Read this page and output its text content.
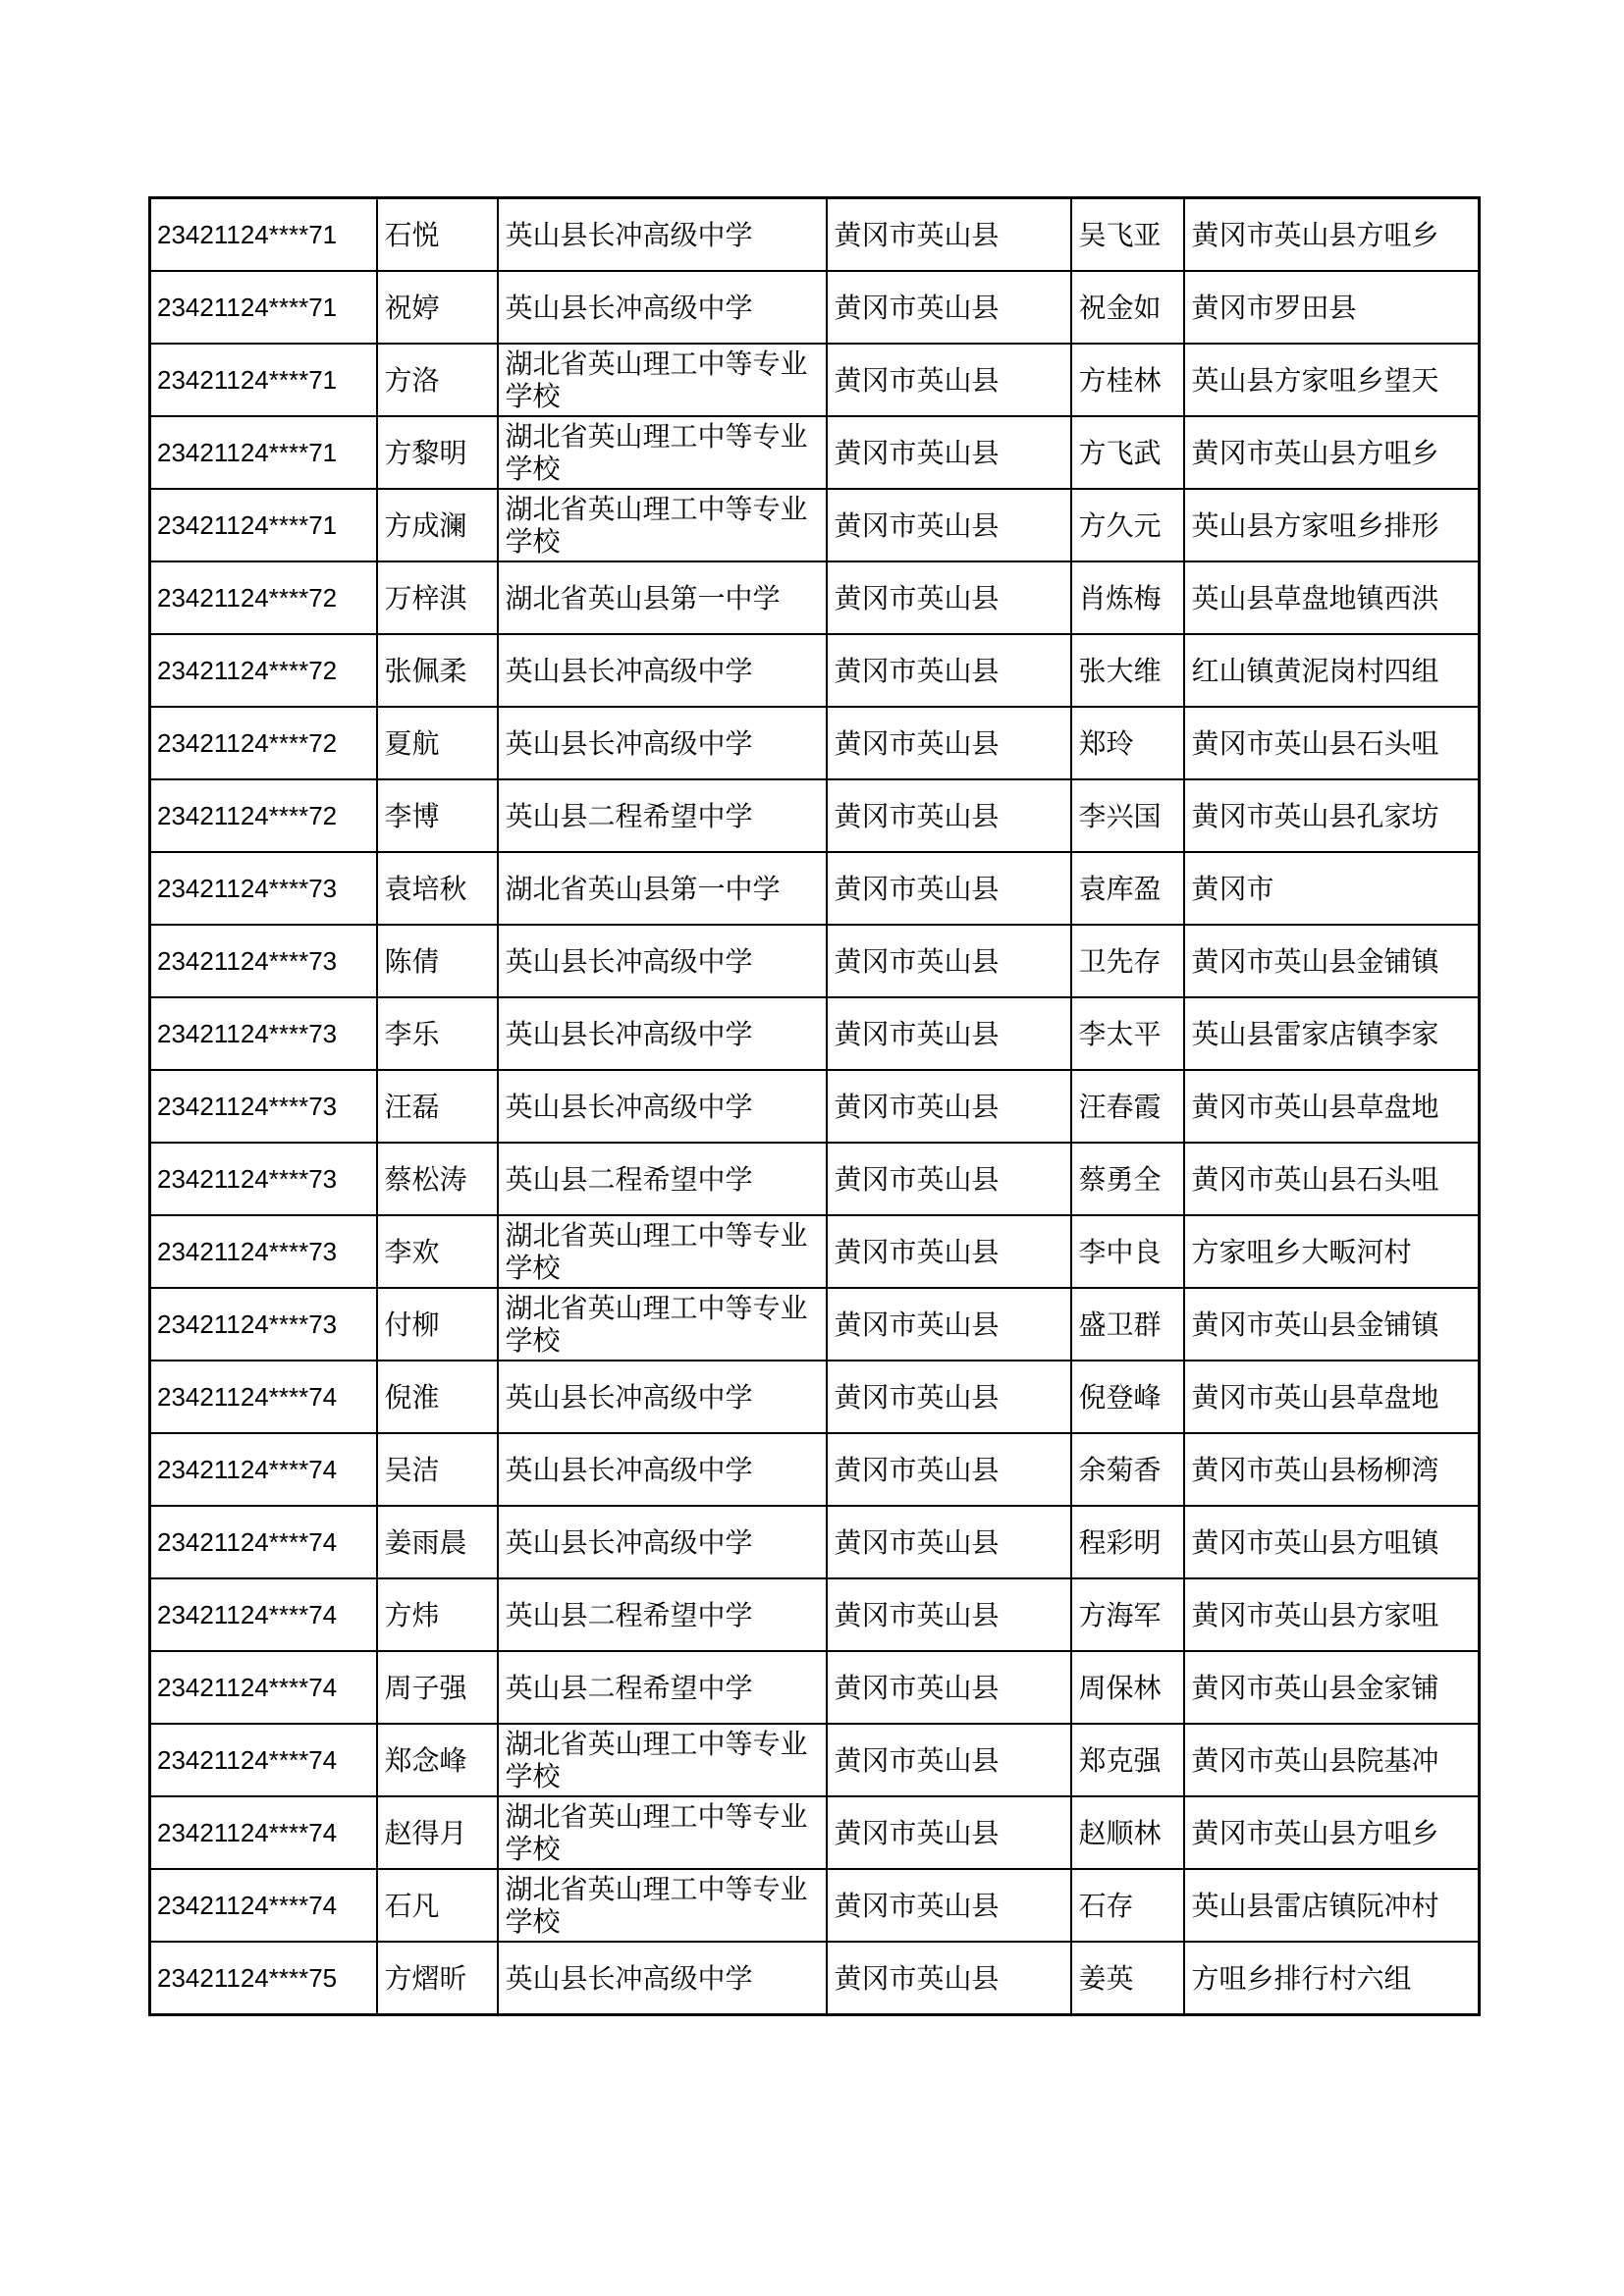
23421124****71	石悦	英山县长冲高级中学	黄冈市英山县	吴飞亚	黄冈市英山县方咀乡
23421124****71	祝婷	英山县长冲高级中学	黄冈市英山县	祝金如	黄冈市罗田县
23421124****71	方洛	湖北省英山理工中等专业学校	黄冈市英山县	方桂林	英山县方家咀乡望天
23421124****71	方黎明	湖北省英山理工中等专业学校	黄冈市英山县	方飞武	黄冈市英山县方咀乡
23421124****71	方成澜	湖北省英山理工中等专业学校	黄冈市英山县	方久元	英山县方家咀乡排形
23421124****72	万梓淇	湖北省英山县第一中学	黄冈市英山县	肖炼梅	英山县草盘地镇西洪
23421124****72	张佩柔	英山县长冲高级中学	黄冈市英山县	张大维	红山镇黄泥岗村四组
23421124****72	夏航	英山县长冲高级中学	黄冈市英山县	郑玲	黄冈市英山县石头咀
23421124****72	李博	英山县二程希望中学	黄冈市英山县	李兴国	黄冈市英山县孔家坊
23421124****73	袁培秋	湖北省英山县第一中学	黄冈市英山县	袁库盈	黄冈市
23421124****73	陈倩	英山县长冲高级中学	黄冈市英山县	卫先存	黄冈市英山县金铺镇
23421124****73	李乐	英山县长冲高级中学	黄冈市英山县	李太平	英山县雷家店镇李家
23421124****73	汪磊	英山县长冲高级中学	黄冈市英山县	汪春霞	黄冈市英山县草盘地
23421124****73	蔡松涛	英山县二程希望中学	黄冈市英山县	蔡勇全	黄冈市英山县石头咀
23421124****73	李欢	湖北省英山理工中等专业学校	黄冈市英山县	李中良	方家咀乡大畈河村
23421124****73	付柳	湖北省英山理工中等专业学校	黄冈市英山县	盛卫群	黄冈市英山县金铺镇
23421124****74	倪淮	英山县长冲高级中学	黄冈市英山县	倪登峰	黄冈市英山县草盘地
23421124****74	吴洁	英山县长冲高级中学	黄冈市英山县	余菊香	黄冈市英山县杨柳湾
23421124****74	姜雨晨	英山县长冲高级中学	黄冈市英山县	程彩明	黄冈市英山县方咀镇
23421124****74	方炜	英山县二程希望中学	黄冈市英山县	方海军	黄冈市英山县方家咀
23421124****74	周子强	英山县二程希望中学	黄冈市英山县	周保林	黄冈市英山县金家铺
23421124****74	郑念峰	湖北省英山理工中等专业学校	黄冈市英山县	郑克强	黄冈市英山县院基冲
23421124****74	赵得月	湖北省英山理工中等专业学校	黄冈市英山县	赵顺林	黄冈市英山县方咀乡
23421124****74	石凡	湖北省英山理工中等专业学校	黄冈市英山县	石存	英山县雷店镇阮冲村
23421124****75	方熠昕	英山县长冲高级中学	黄冈市英山县	姜英	方咀乡排行村六组
